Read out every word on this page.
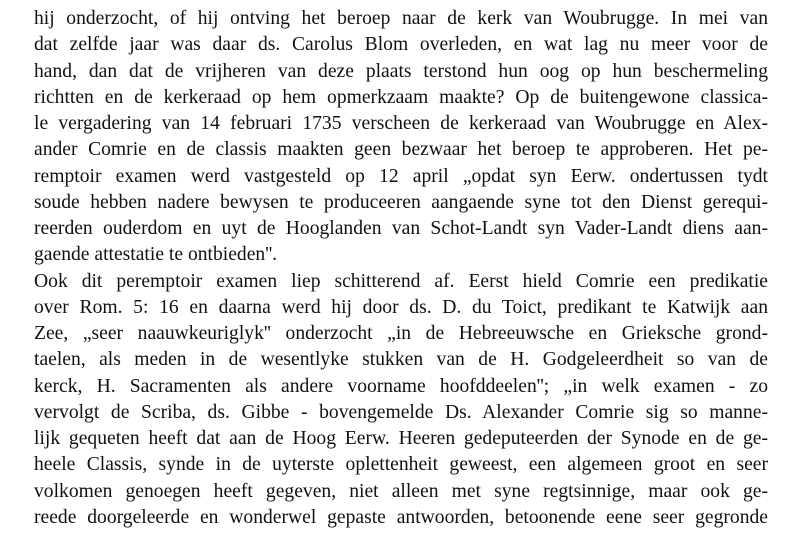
hij onderzocht, of hij ontving het beroep naar de kerk van Woubrugge. In mei van
dat zelfde jaar was daar ds. Carolus Blom overleden, en wat lag nu meer voor de
hand, dan dat de vrijheren van deze plaats terstond hun oog op hun beschermeling
richtten en de kerkeraad op hem opmerkzaam maakte? Op de buitengewone classica-
le vergadering van 14 februari 1735 verscheen de kerkeraad van Woubrugge en Alex-
ander Comrie en de classis maakten geen bezwaar het beroep te approberen. Het pe-
remptoir examen werd vastgesteld op 12 april „opdat syn Eerw. ondertussen tydt
soude hebben nadere bewysen te produceeren aangaende syne tot den Dienst gerequi-
reerden ouderdom en uyt de Hooglanden van Schot-Landt syn Vader-Landt diens aan-
gaende attestatie te ontbieden''.
Ook dit peremptoir examen liep schitterend af. Eerst hield Comrie een predikatie
over Rom. 5: 16 en daarna werd hij door ds. D. du Toict, predikant te Katwijk aan
Zee, „seer naauwkeuriglyk'' onderzocht „in de Hebreeuwsche en Grieksche grond-
taelen, als meden in de wesentlyke stukken van de H. Godgeleerdheit so van de
kerck, H. Sacramenten als andere voorname hoofddeelen''; „in welk examen - zo
vervolgt de Scriba, ds. Gibbe - bovengemelde Ds. Alexander Comrie sig so manne-
lijk gequeten heeft dat aan de Hoog Eerw. Heeren gedeputeerden der Synode en de ge-
heele Classis, synde in de uyterste oplettenheit geweest, een algemeen groot en seer
volkomen genoegen heeft gegeven, niet alleen met syne regtsinnige, maar ook ge-
reede doorgeleerde en wonderwel gepaste antwoorden, betoonende eene seer gegronde
